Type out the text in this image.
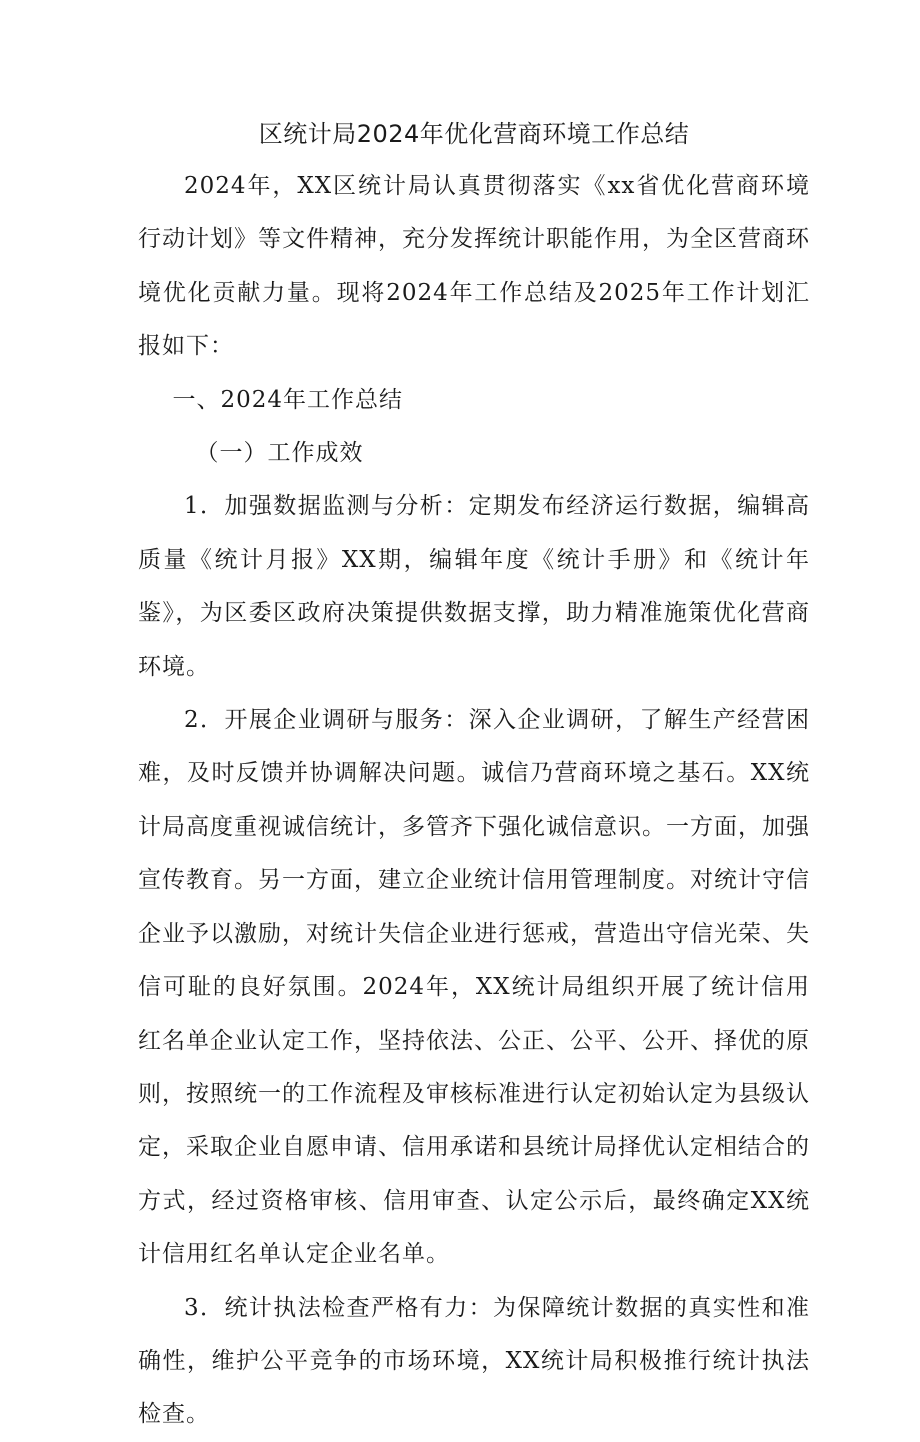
区统计局2024年优化营商环境工作总结

2024年，XX区统计局认真贯彻落实《xx省优化营商环境行动计划》等文件精神，充分发挥统计职能作用，为全区营商环境优化贡献力量。现将2024年工作总结及2025年工作计划汇报如下：

一、2024年工作总结

（一）工作成效

1．加强数据监测与分析：定期发布经济运行数据，编辑高质量《统计月报》XX期，编辑年度《统计手册》和《统计年鉴》，为区委区政府决策提供数据支撑，助力精准施策优化营商环境。

2．开展企业调研与服务：深入企业调研，了解生产经营困难，及时反馈并协调解决问题。诚信乃营商环境之基石。XX统计局高度重视诚信统计，多管齐下强化诚信意识。一方面，加强宣传教育。另一方面，建立企业统计信用管理制度。对统计守信企业予以激励，对统计失信企业进行惩戒，营造出守信光荣、失信可耻的良好氛围。2024年，XX统计局组织开展了统计信用红名单企业认定工作，坚持依法、公正、公平、公开、择优的原则，按照统一的工作流程及审核标准进行认定初始认定为县级认定，采取企业自愿申请、信用承诺和县统计局择优认定相结合的方式，经过资格审核、信用审查、认定公示后，最终确定XX统计信用红名单认定企业名单。

3．统计执法检查严格有力：为保障统计数据的真实性和准确性，维护公平竞争的市场环境，XX统计局积极推行统计执法检查。
